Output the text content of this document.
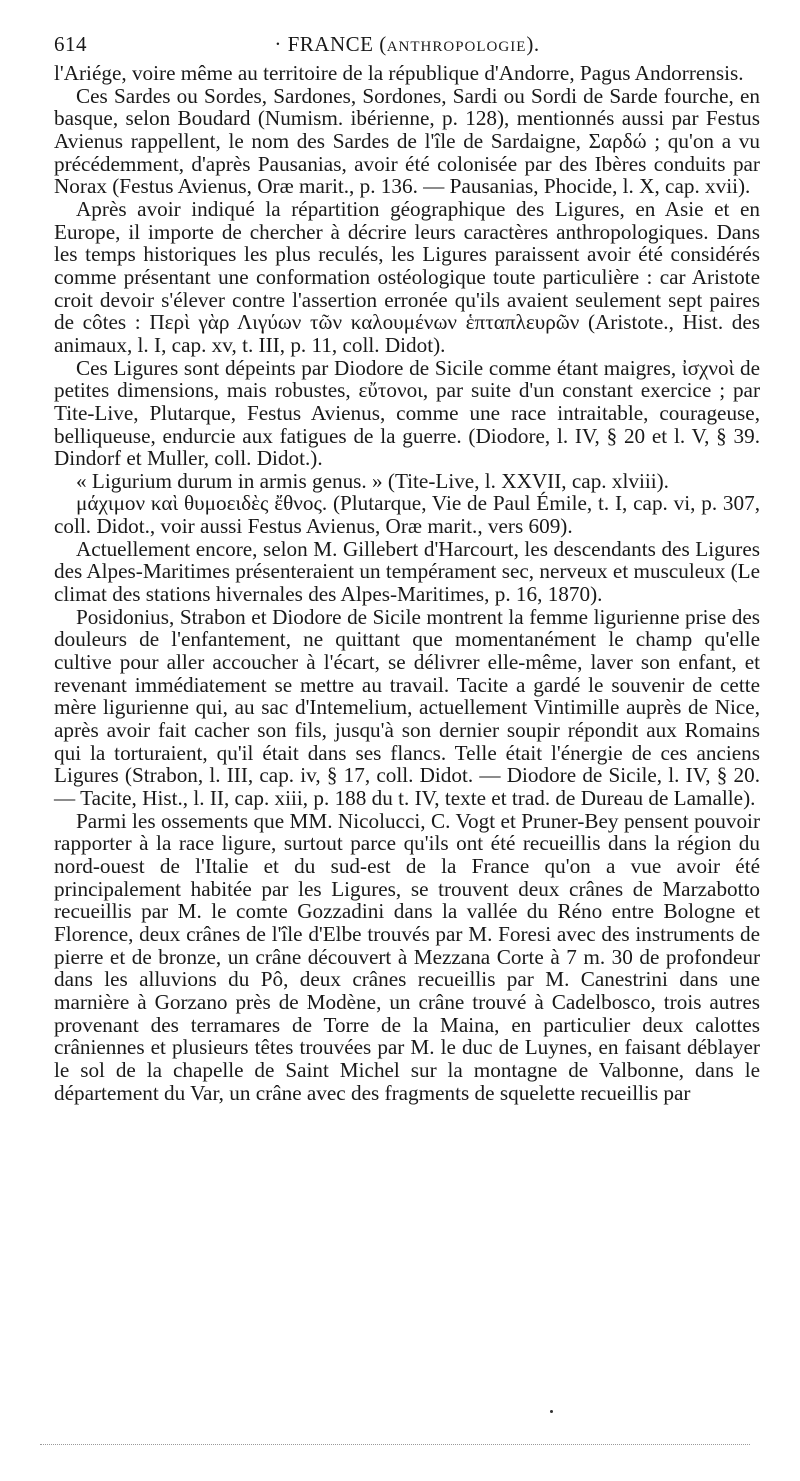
614	· FRANCE (ANTHROPOLOGIE).

l'Ariége, voire même au territoire de la république d'Andorre, Pagus Andorrensis.

Ces Sardes ou Sordes, Sardones, Sordones, Sardi ou Sordi de Sarde fourche, en basque, selon Boudard (Numism. ibérienne, p. 128), mentionnés aussi par Festus Avienus rappellent, le nom des Sardes de l'île de Sardaigne, Σαρδώ ; qu'on a vu précédemment, d'après Pausanias, avoir été colonisée par des Ibères conduits par Norax (Festus Avienus, Oræ marit., p. 136. — Pausanias, Phocide, l. X, cap. xvii).

Après avoir indiqué la répartition géographique des Ligures, en Asie et en Europe, il importe de chercher à décrire leurs caractères anthropologiques. Dans les temps historiques les plus reculés, les Ligures paraissent avoir été considérés comme présentant une conformation ostéologique toute particulière : car Aristote croit devoir s'élever contre l'assertion erronée qu'ils avaient seulement sept paires de côtes : Περὶ γὰρ Λιγύων τῶν καλουμένων ἑπταπλευρῶν (Aristote., Hist. des animaux, l. I, cap. xv, t. III, p. 11, coll. Didot).

Ces Ligures sont dépeints par Diodore de Sicile comme étant maigres, ἰσχνοὶ de petites dimensions, mais robustes, εὔτονοι, par suite d'un constant exercice ; par Tite-Live, Plutarque, Festus Avienus, comme une race intraitable, courageuse, belliqueuse, endurcie aux fatigues de la guerre. (Diodore, l. IV, § 20 et l. V, § 39. Dindorf et Muller, coll. Didot.).

« Ligurium durum in armis genus. » (Tite-Live, l. XXVII, cap. xlviii).

μάχιμον καὶ θυμοειδὲς ἔθνος. (Plutarque, Vie de Paul Émile, t. I, cap. vi, p. 307, coll. Didot., voir aussi Festus Avienus, Oræ marit., vers 609).

Actuellement encore, selon M. Gillebert d'Harcourt, les descendants des Ligures des Alpes-Maritimes présenteraient un tempérament sec, nerveux et musculeux (Le climat des stations hivernales des Alpes-Maritimes, p. 16, 1870).

Posidonius, Strabon et Diodore de Sicile montrent la femme ligurienne prise des douleurs de l'enfantement, ne quittant que momentanément le champ qu'elle cultive pour aller accoucher à l'écart, se délivrer elle-même, laver son enfant, et revenant immédiatement se mettre au travail. Tacite a gardé le souvenir de cette mère ligurienne qui, au sac d'Intemelium, actuellement Vintimille auprès de Nice, après avoir fait cacher son fils, jusqu'à son dernier soupir répondit aux Romains qui la torturaient, qu'il était dans ses flancs. Telle était l'énergie de ces anciens Ligures (Strabon, l. III, cap. iv, § 17, coll. Didot. — Diodore de Sicile, l. IV, § 20. — Tacite, Hist., l. II, cap. xiii, p. 188 du t. IV, texte et trad. de Dureau de Lamalle).

Parmi les ossements que MM. Nicolucci, C. Vogt et Pruner-Bey pensent pouvoir rapporter à la race ligure, surtout parce qu'ils ont été recueillis dans la région du nord-ouest de l'Italie et du sud-est de la France qu'on a vue avoir été principalement habitée par les Ligures, se trouvent deux crânes de Marzabotto recueillis par M. le comte Gozzadini dans la vallée du Réno entre Bologne et Florence, deux crânes de l'île d'Elbe trouvés par M. Foresi avec des instruments de pierre et de bronze, un crâne découvert à Mezzana Corte à 7 m. 30 de profondeur dans les alluvions du Pô, deux crânes recueillis par M. Canestrini dans une marnière à Gorzano près de Modène, un crâne trouvé à Cadelbosco, trois autres provenant des terramares de Torre de la Maina, en particulier deux calottes crâniennes et plusieurs têtes trouvées par M. le duc de Luynes, en faisant déblayer le sol de la chapelle de Saint Michel sur la montagne de Valbonne, dans le département du Var, un crâne avec des fragments de squelette recueillis par
